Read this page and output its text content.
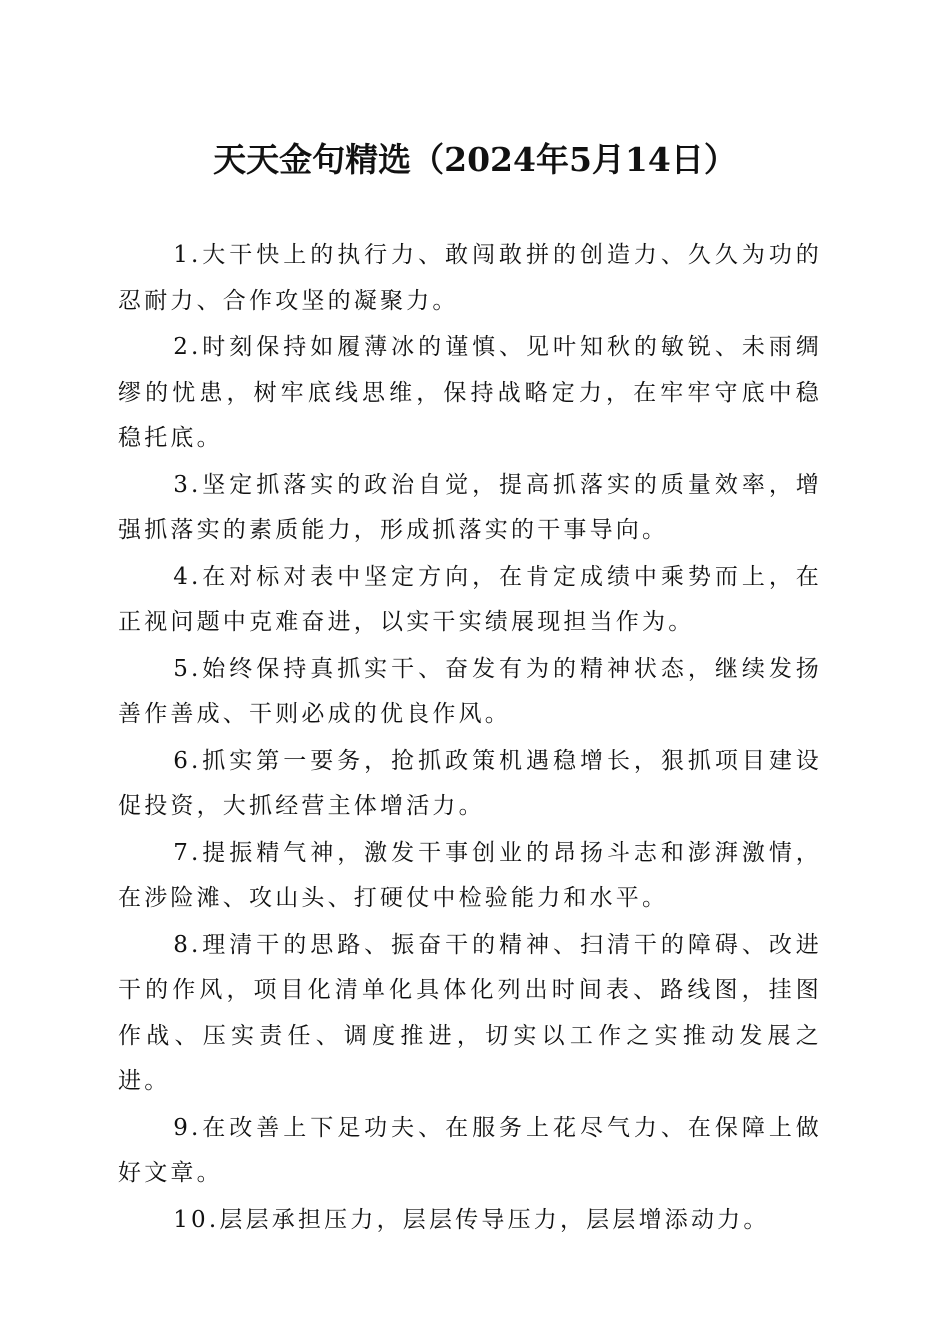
天天金句精选（2024年5月14日）

1.大干快上的执行力、敢闯敢拼的创造力、久久为功的忍耐力、合作攻坚的凝聚力。

2.时刻保持如履薄冰的谨慎、见叶知秋的敏锐、未雨绸缪的忧患，树牢底线思维，保持战略定力，在牢牢守底中稳稳托底。

3.坚定抓落实的政治自觉，提高抓落实的质量效率，增强抓落实的素质能力，形成抓落实的干事导向。

4.在对标对表中坚定方向，在肯定成绩中乘势而上，在正视问题中克难奋进，以实干实绩展现担当作为。

5.始终保持真抓实干、奋发有为的精神状态，继续发扬善作善成、干则必成的优良作风。

6.抓实第一要务，抢抓政策机遇稳增长，狠抓项目建设促投资，大抓经营主体增活力。

7.提振精气神，激发干事创业的昂扬斗志和澎湃激情，在涉险滩、攻山头、打硬仗中检验能力和水平。

8.理清干的思路、振奋干的精神、扫清干的障碍、改进干的作风，项目化清单化具体化列出时间表、路线图，挂图作战、压实责任、调度推进，切实以工作之实推动发展之进。

9.在改善上下足功夫、在服务上花尽气力、在保障上做好文章。

10.层层承担压力，层层传导压力，层层增添动力。
